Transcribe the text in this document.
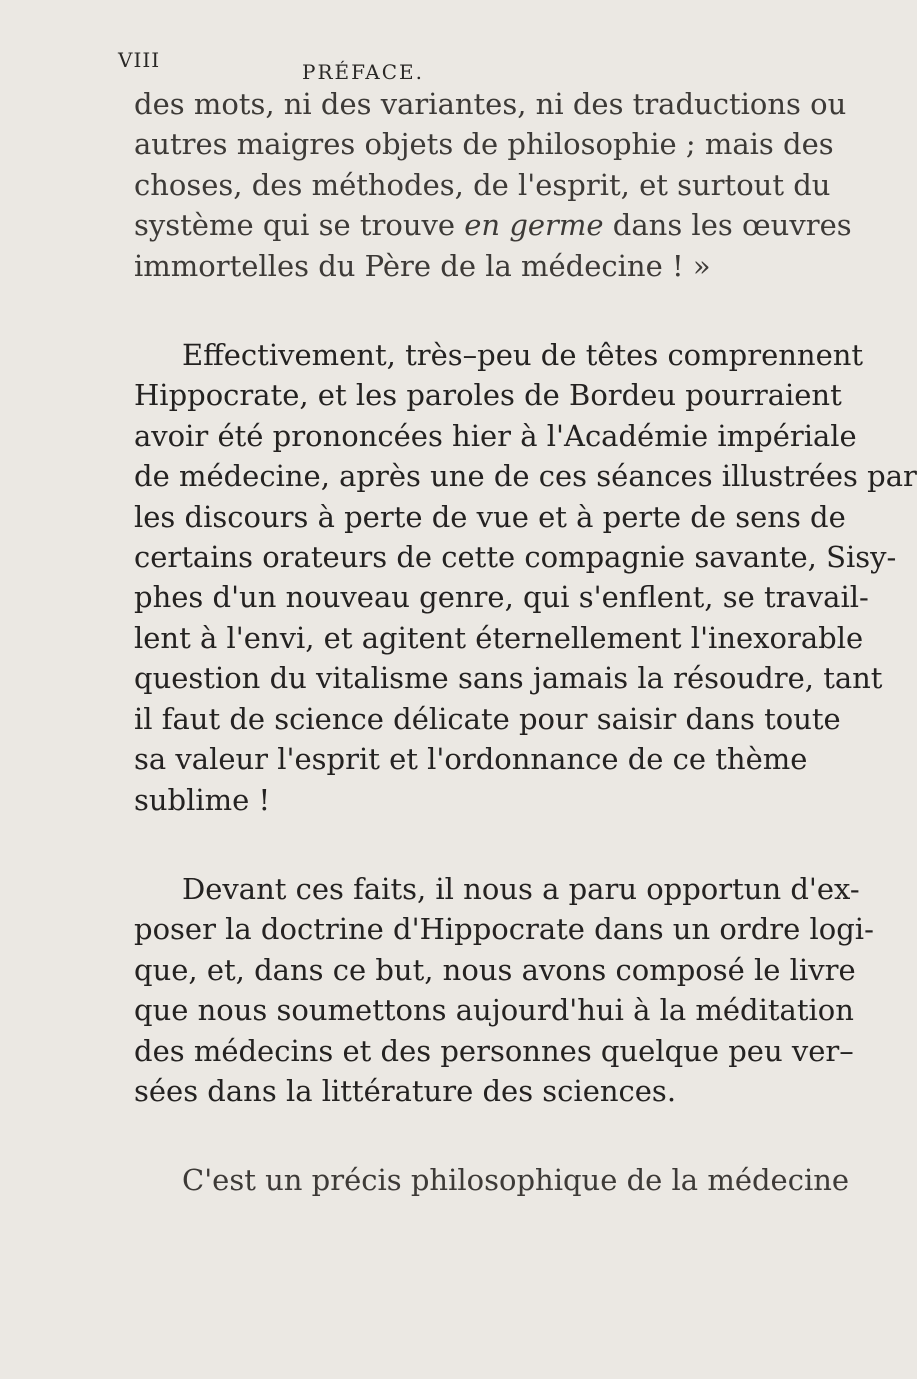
VIII	PRÉFACE.

des mots, ni des variantes, ni des traductions ou
autres maigres objets de philosophie ; mais des
choses, des méthodes, de l'esprit, et surtout du
système qui se trouve en germe dans les œuvres
immortelles du Père de la médecine ! »

Effectivement, très–peu de têtes comprennent
Hippocrate, et les paroles de Bordeu pourraient
avoir été prononcées hier à l'Académie impériale
de médecine, après une de ces séances illustrées par
les discours à perte de vue et à perte de sens de
certains orateurs de cette compagnie savante, Sisy-
phes d'un nouveau genre, qui s'enflent, se travail-
lent à l'envi, et agitent éternellement l'inexorable
question du vitalisme sans jamais la résoudre, tant
il faut de science délicate pour saisir dans toute
sa valeur l'esprit et l'ordonnance de ce thème
sublime !

Devant ces faits, il nous a paru opportun d'ex-
poser la doctrine d'Hippocrate dans un ordre logi-
que, et, dans ce but, nous avons composé le livre
que nous soumettons aujourd'hui à la méditation
des médecins et des personnes quelque peu ver–
sées dans la littérature des sciences.

C'est un précis philosophique de la médecine
